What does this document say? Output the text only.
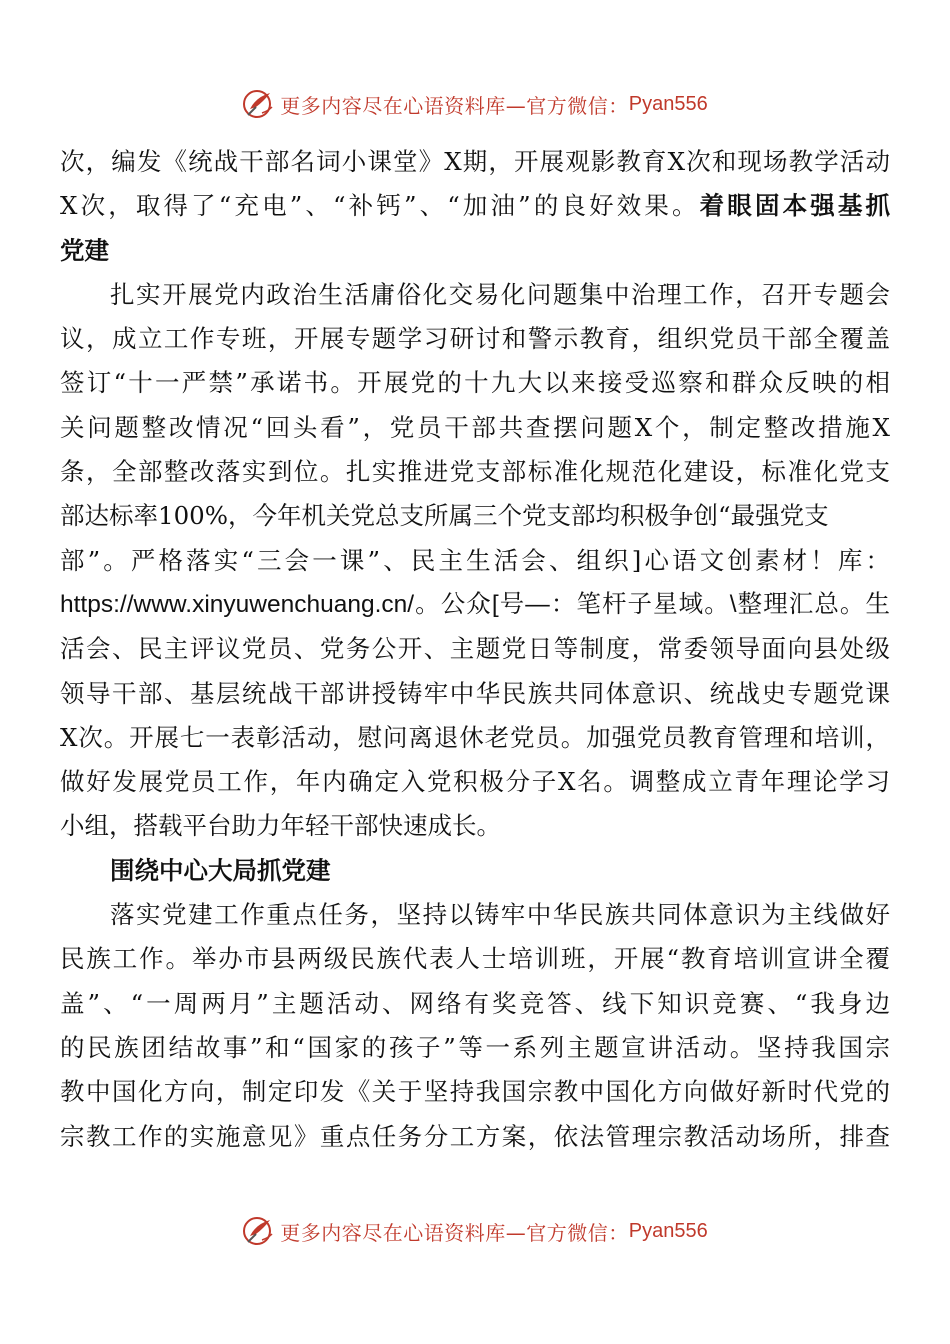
更多内容尽在心语资料库—官方微信： Pyan556
次，编发《统战干部名词小课堂》X期，开展观影教育X次和现场教学活动
X次，取得了“充电”、“补钙”、“加油”的良好效果。着眼固本强基抓
党建
扎实开展党内政治生活庸俗化交易化问题集中治理工作，召开专题会
议，成立工作专班，开展专题学习研讨和警示教育，组织党员干部全覆盖
签订“十一严禁”承诺书。开展党的十九大以来接受巡察和群众反映的相
关问题整改情况“回头看”，党员干部共查摆问题X个，制定整改措施X
条，全部整改落实到位。扎实推进党支部标准化规范化建设，标准化党支
部达标率100%，今年机关党总支所属三个党支部均积极争创“最强党支
部”。严格落实“三会一课”、民主生活会、组织]心语文创素材！库：
https://www.xinyuwenchuang.cn/。公众[号—：笔杆子星域。\整理汇总。生
活会、民主评议党员、党务公开、主题党日等制度，常委领导面向县处级
领导干部、基层统战干部讲授铸牢中华民族共同体意识、统战史专题党课
X次。开展七一表彰活动，慰问离退休老党员。加强党员教育管理和培训，
做好发展党员工作，年内确定入党积极分子X名。调整成立青年理论学习
小组，搭载平台助力年轻干部快速成长。
围绕中心大局抓党建
落实党建工作重点任务，坚持以铸牢中华民族共同体意识为主线做好
民族工作。举办市县两级民族代表人士培训班，开展“教育培训宣讲全覆
盖”、“一周两月”主题活动、网络有奖竞答、线下知识竞赛、“我身边
的民族团结故事”和“国家的孩子”等一系列主题宣讲活动。坚持我国宗
教中国化方向，制定印发《关于坚持我国宗教中国化方向做好新时代党的
宗教工作的实施意见》重点任务分工方案，依法管理宗教活动场所，排查
更多内容尽在心语资料库—官方微信： Pyan556
